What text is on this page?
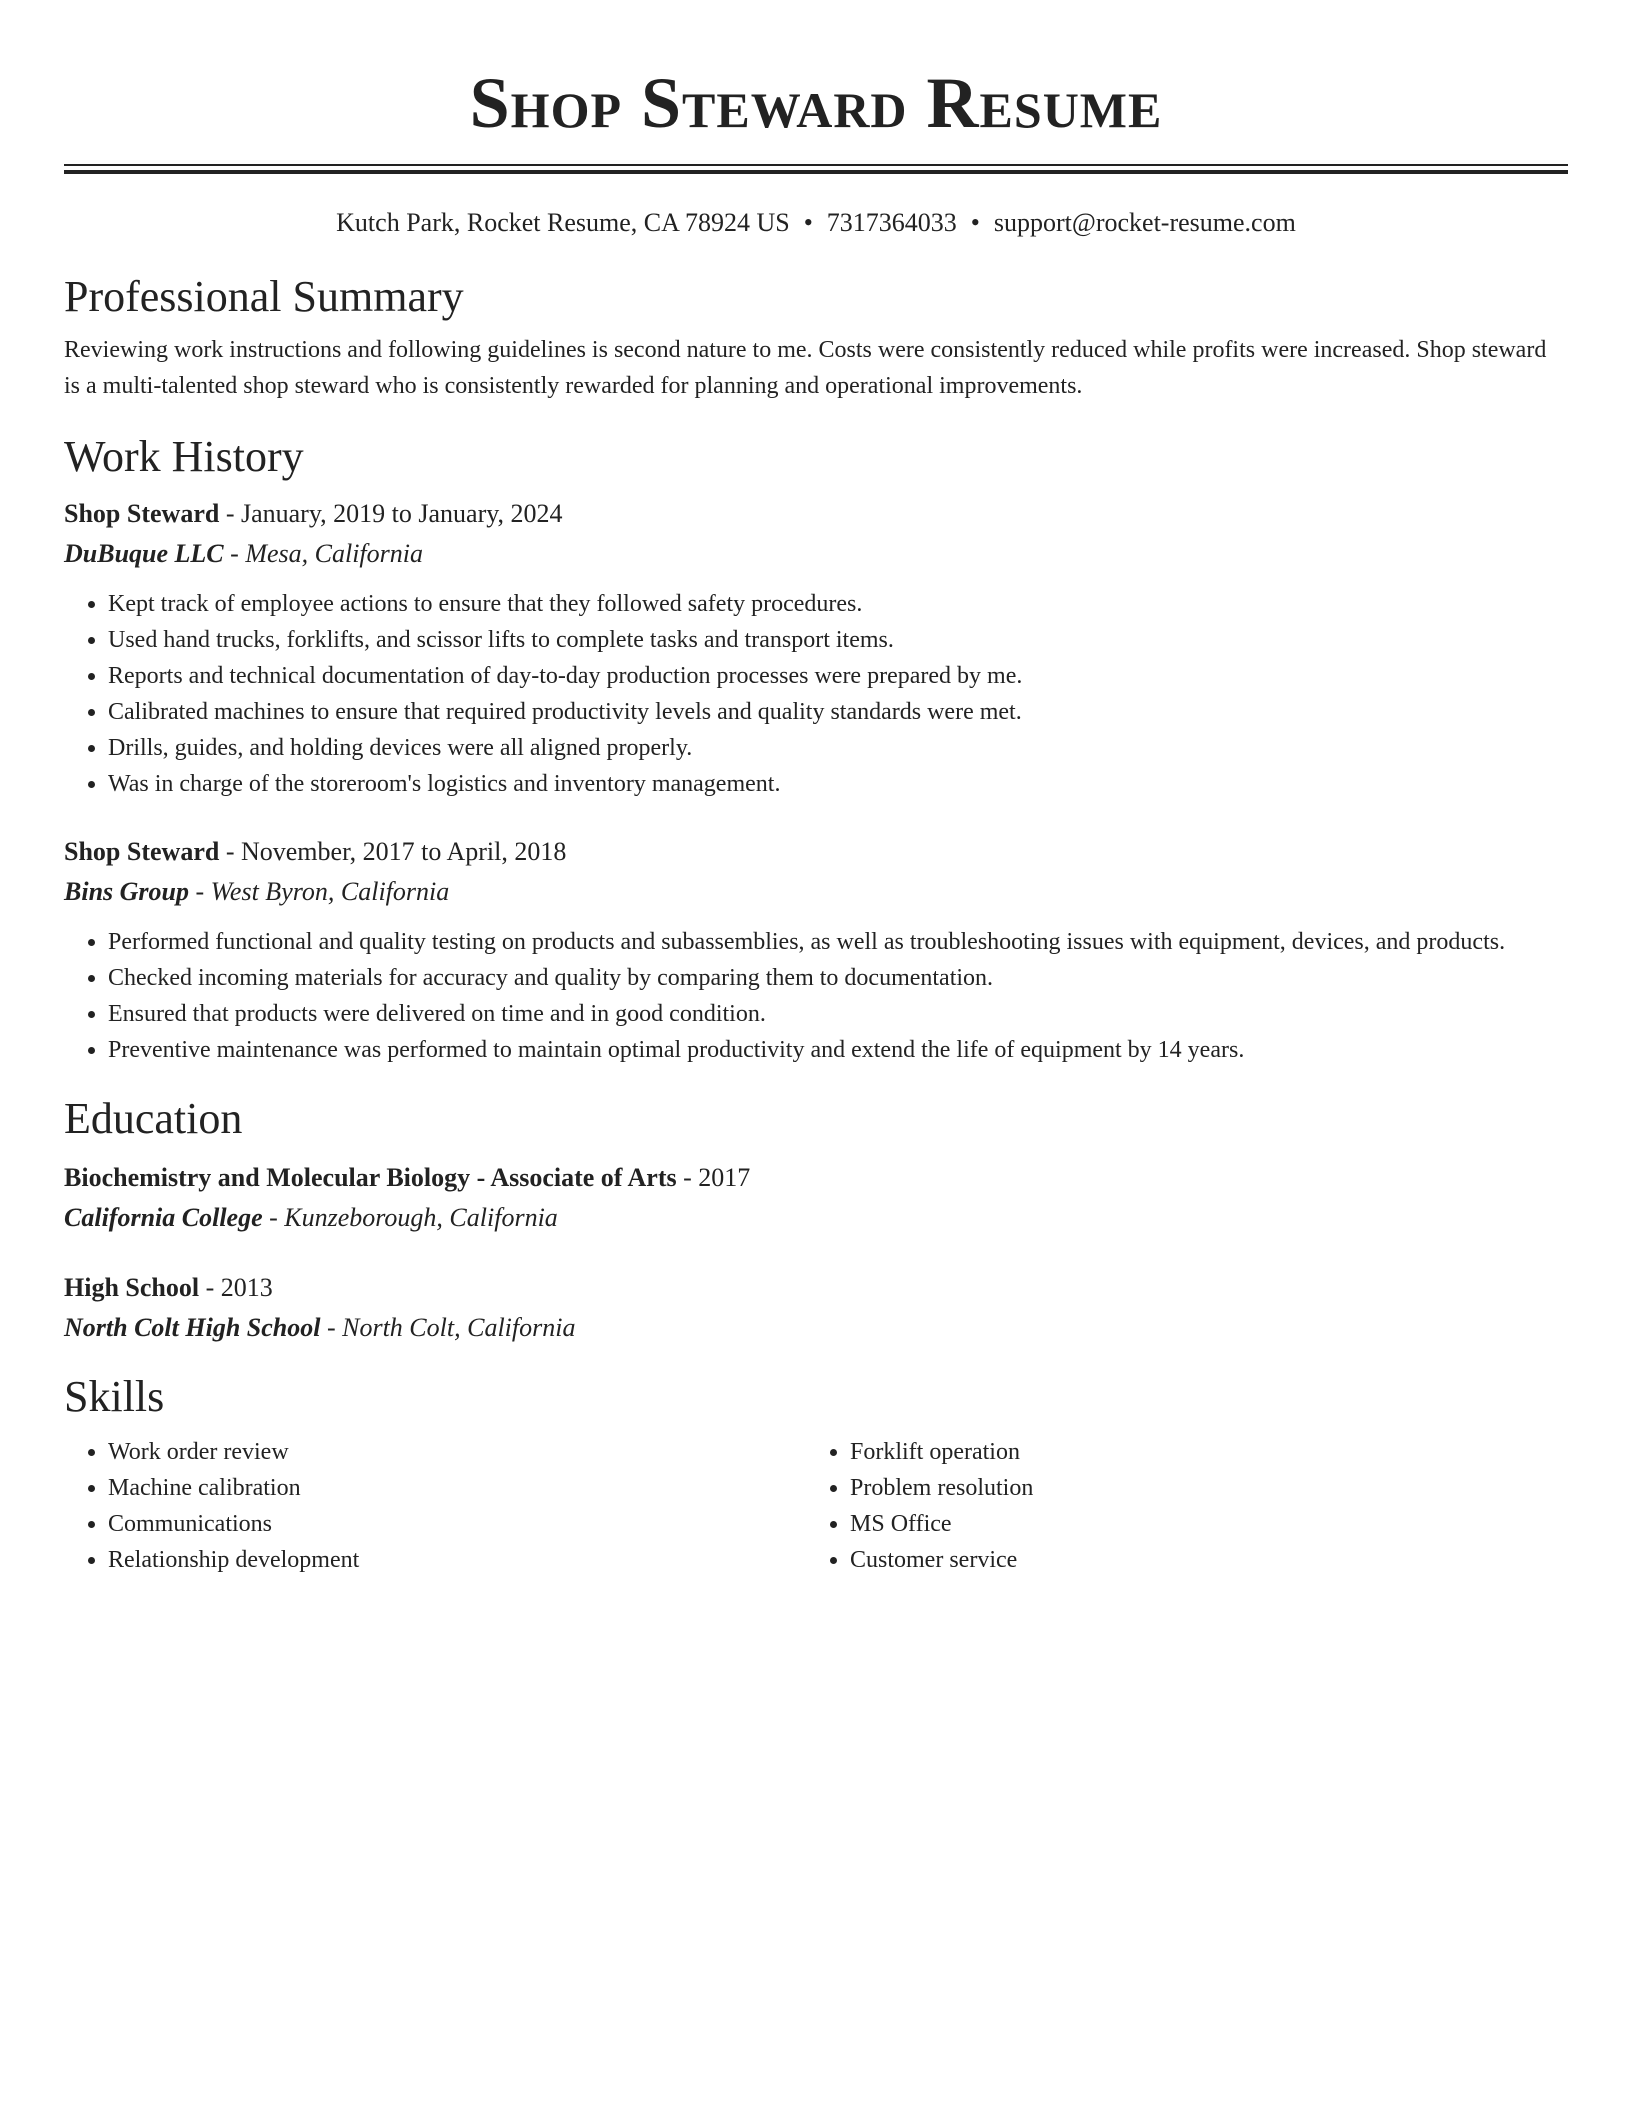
Shop Steward Resume
Kutch Park, Rocket Resume, CA 78924 US • 7317364033 • support@rocket-resume.com
Professional Summary
Reviewing work instructions and following guidelines is second nature to me. Costs were consistently reduced while profits were increased. Shop steward is a multi-talented shop steward who is consistently rewarded for planning and operational improvements.
Work History
Shop Steward - January, 2019 to January, 2024
DuBuque LLC - Mesa, California
• Kept track of employee actions to ensure that they followed safety procedures.
• Used hand trucks, forklifts, and scissor lifts to complete tasks and transport items.
• Reports and technical documentation of day-to-day production processes were prepared by me.
• Calibrated machines to ensure that required productivity levels and quality standards were met.
• Drills, guides, and holding devices were all aligned properly.
• Was in charge of the storeroom's logistics and inventory management.
Shop Steward - November, 2017 to April, 2018
Bins Group - West Byron, California
• Performed functional and quality testing on products and subassemblies, as well as troubleshooting issues with equipment, devices, and products.
• Checked incoming materials for accuracy and quality by comparing them to documentation.
• Ensured that products were delivered on time and in good condition.
• Preventive maintenance was performed to maintain optimal productivity and extend the life of equipment by 14 years.
Education
Biochemistry and Molecular Biology - Associate of Arts - 2017
California College - Kunzeborough, California
High School - 2013
North Colt High School - North Colt, California
Skills
• Work order review
• Machine calibration
• Communications
• Relationship development
• Forklift operation
• Problem resolution
• MS Office
• Customer service
